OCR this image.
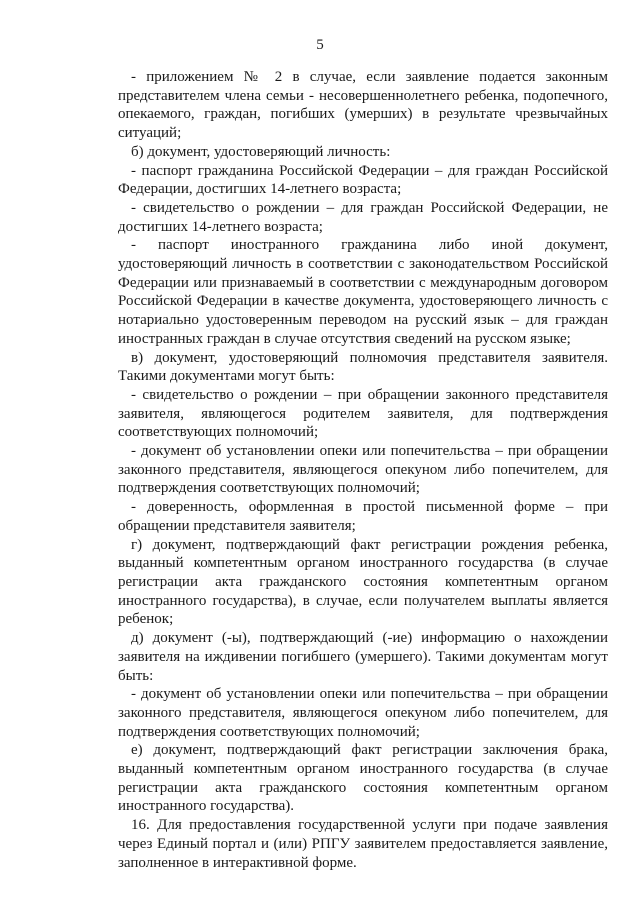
5

- приложением № 2 в случае, если заявление подается законным представителем члена семьи - несовершеннолетнего ребенка, подопечного, опекаемого, граждан, погибших (умерших) в результате чрезвычайных ситуаций;

б) документ, удостоверяющий личность:

- паспорт гражданина Российской Федерации – для граждан Российской Федерации, достигших 14-летнего возраста;

- свидетельство о рождении – для граждан Российской Федерации, не достигших 14-летнего возраста;

- паспорт иностранного гражданина либо иной документ, удостоверяющий личность в соответствии с законодательством Российской Федерации или признаваемый в соответствии с международным договором Российской Федерации в качестве документа, удостоверяющего личность с нотариально удостоверенным переводом на русский язык – для граждан иностранных граждан в случае отсутствия сведений на русском языке;

в) документ, удостоверяющий полномочия представителя заявителя. Такими документами могут быть:

- свидетельство о рождении – при обращении законного представителя заявителя, являющегося родителем заявителя, для подтверждения соответствующих полномочий;

- документ об установлении опеки или попечительства – при обращении законного представителя, являющегося опекуном либо попечителем, для подтверждения соответствующих полномочий;

- доверенность, оформленная в простой письменной форме – при обращении представителя заявителя;

г) документ, подтверждающий факт регистрации рождения ребенка, выданный компетентным органом иностранного государства (в случае регистрации акта гражданского состояния компетентным органом иностранного государства), в случае, если получателем выплаты является ребенок;

д) документ (-ы), подтверждающий (-ие) информацию о нахождении заявителя на иждивении погибшего (умершего). Такими документам могут быть:

- документ об установлении опеки или попечительства – при обращении законного представителя, являющегося опекуном либо попечителем, для подтверждения соответствующих полномочий;

е) документ, подтверждающий факт регистрации заключения брака, выданный компетентным органом иностранного государства (в случае регистрации акта гражданского состояния компетентным органом иностранного государства).

16. Для предоставления государственной услуги при подаче заявления через Единый портал и (или) РПГУ заявителем предоставляется заявление, заполненное в интерактивной форме.
